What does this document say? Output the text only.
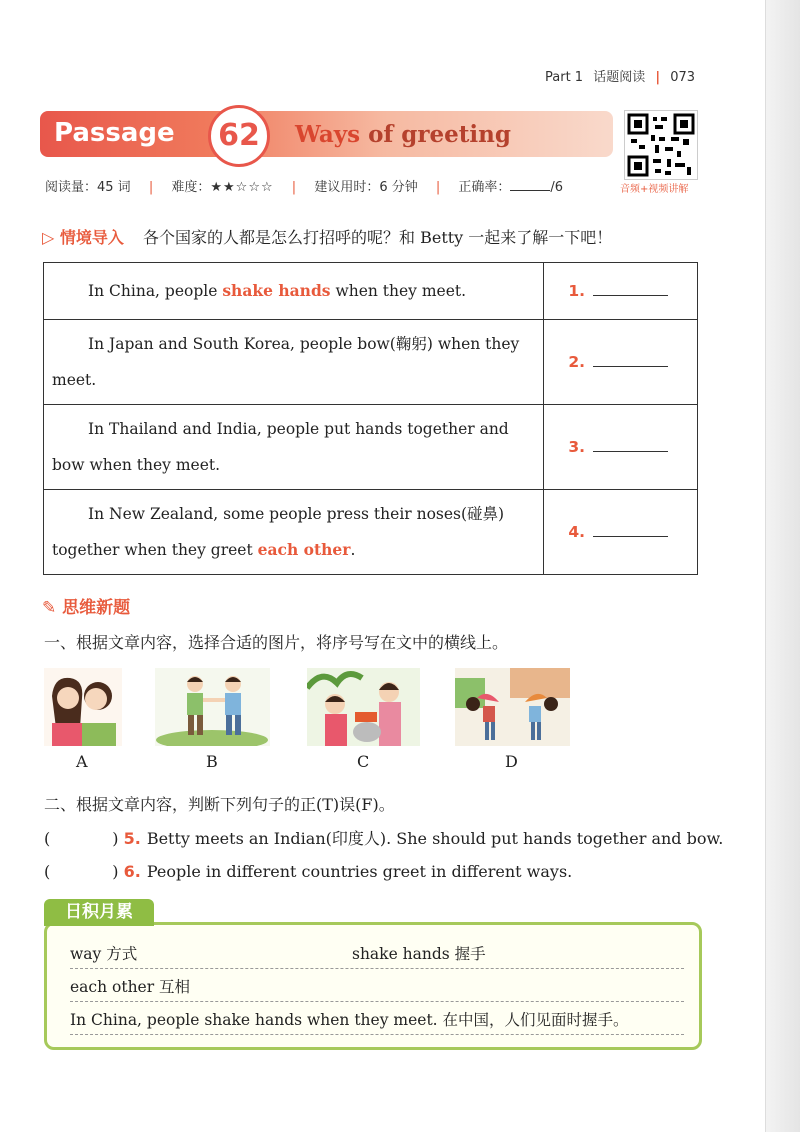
Part 1 话题阅读 | 073
Passage	62	Ways of greeting
音频+视频讲解
阅读量：45 词 | 难度：★★☆☆☆ | 建议用时：6 分钟 | 正确率：	/6
▷ 情境导入 各个国家的人都是怎么打招呼的呢？和 Betty 一起来了解一下吧！
In China, people shake hands when they meet.	1.
In Japan and South Korea, people bow(鞠躬) when they meet.	2.
In Thailand and India, people put hands together and bow when they meet.	3.
In New Zealand, some people press their noses(碰鼻) together when they greet each other.	4.
✎ 思维新题
一、根据文章内容，选择合适的图片，将序号写在文中的横线上。
A	B	C	D
二、根据文章内容，判断下列句子的正(T)误(F)。
(	) 5. Betty meets an Indian(印度人). She should put hands together and bow.
(	) 6. People in different countries greet in different ways.
日积月累
way 方式	shake hands 握手
each other 互相
In China, people shake hands when they meet. 在中国，人们见面时握手。
